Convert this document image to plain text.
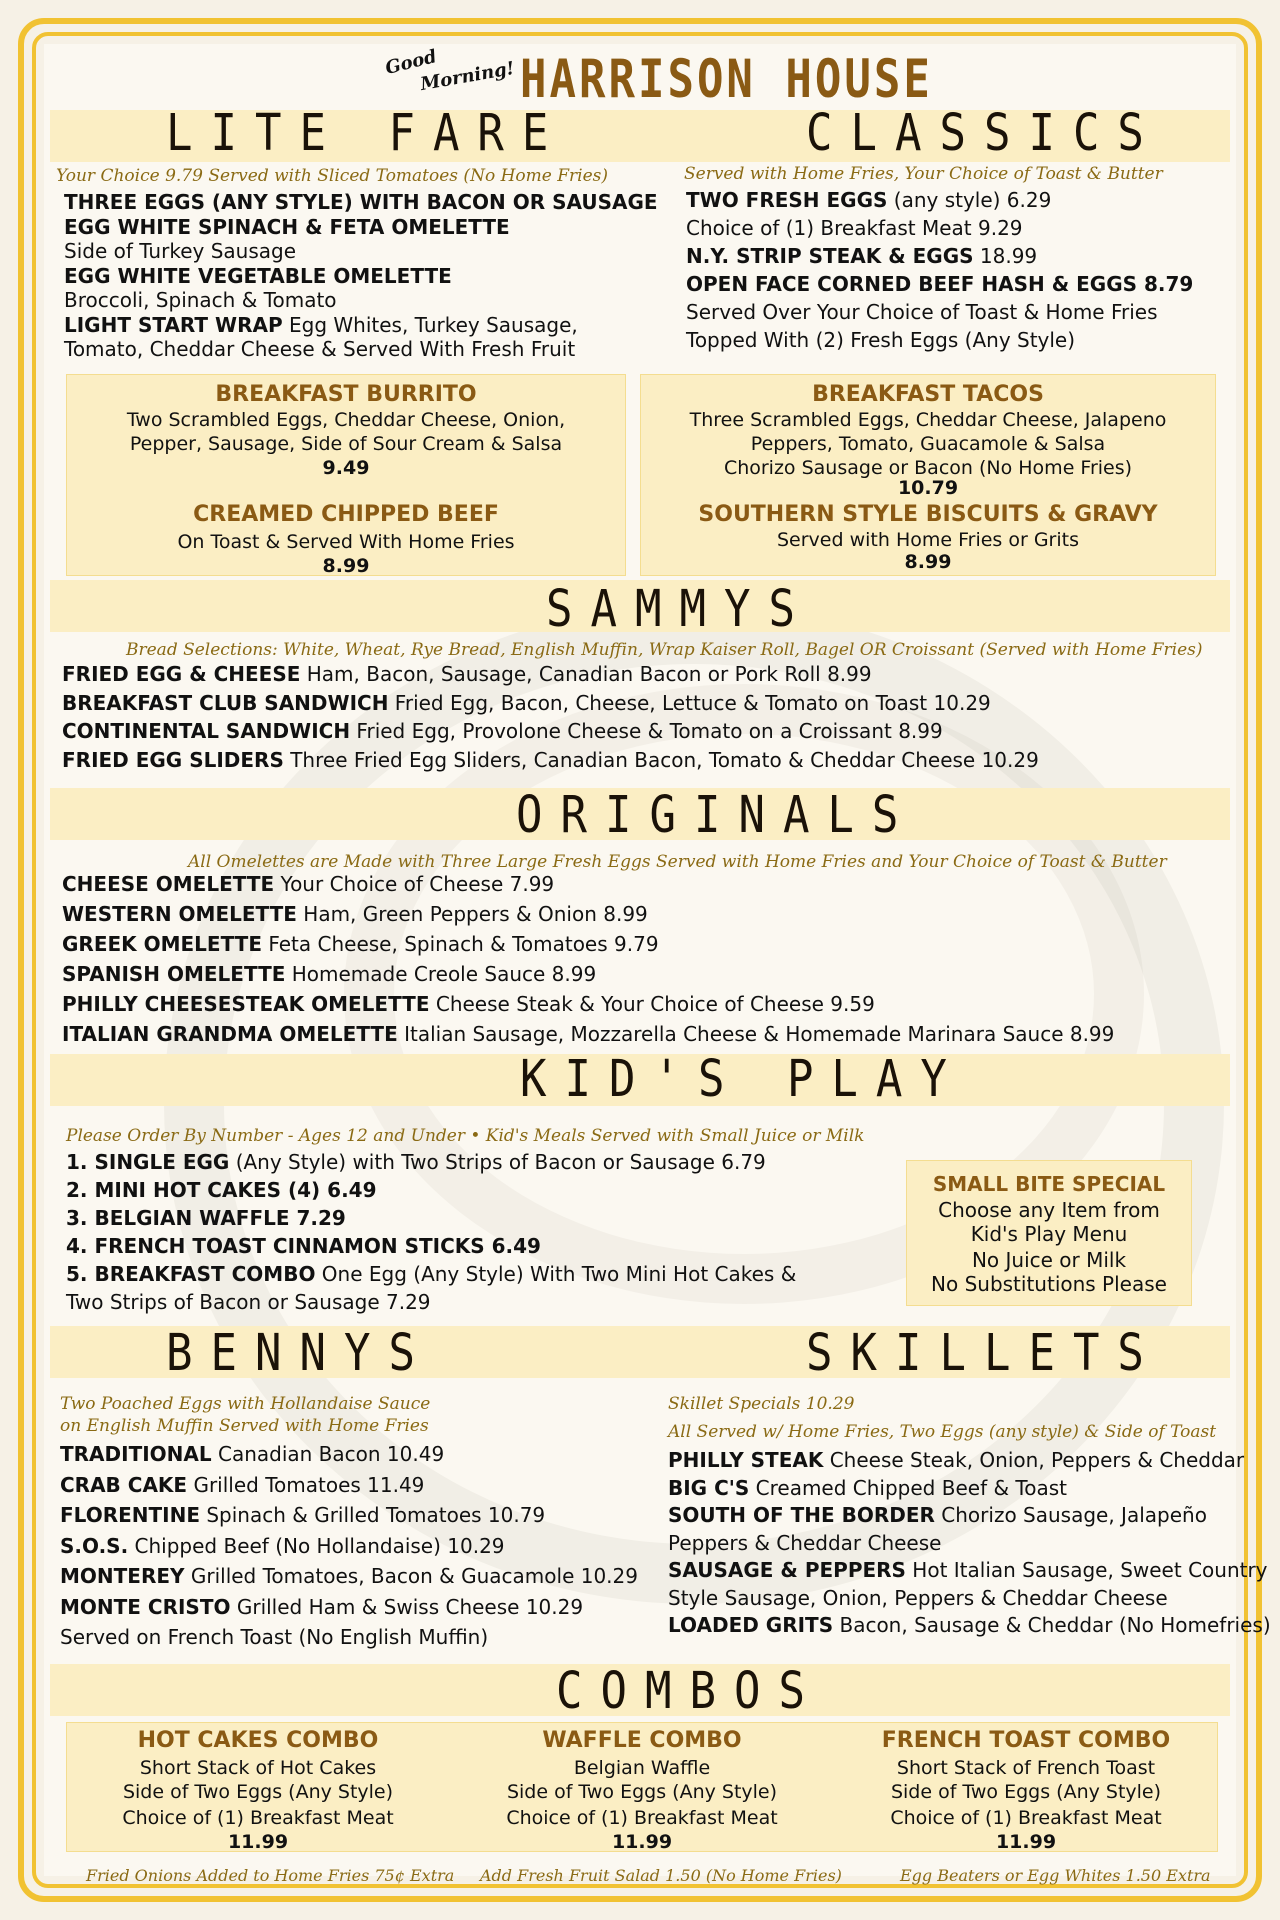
Good
Morning! HARRISON HOUSE
LITE FARE
Your Choice 9.79 Served with Sliced Tomatoes (No Home Fries)
THREE EGGS (ANY STYLE) WITH BACON OR SAUSAGE
EGG WHITE SPINACH & FETA OMELETTE
Side of Turkey Sausage
EGG WHITE VEGETABLE OMELETTE
Broccoli, Spinach & Tomato
LIGHT START WRAP Egg Whites, Turkey Sausage,
Tomato, Cheddar Cheese & Served With Fresh Fruit
CLASSICS
Served with Home Fries, Your Choice of Toast & Butter
TWO FRESH EGGS (any style) 6.29
Choice of (1) Breakfast Meat 9.29
N.Y. STRIP STEAK & EGGS 18.99
OPEN FACE CORNED BEEF HASH & EGGS 8.79
Served Over Your Choice of Toast & Home Fries
Topped With (2) Fresh Eggs (Any Style)
BREAKFAST BURRITO
Two Scrambled Eggs, Cheddar Cheese, Onion,
Pepper, Sausage, Side of Sour Cream & Salsa
9.49
CREAMED CHIPPED BEEF
On Toast & Served With Home Fries
8.99
BREAKFAST TACOS
Three Scrambled Eggs, Cheddar Cheese, Jalapeno
Peppers, Tomato, Guacamole & Salsa
Chorizo Sausage or Bacon (No Home Fries)
10.79
SOUTHERN STYLE BISCUITS & GRAVY
Served with Home Fries or Grits
8.99
SAMMYS
Bread Selections: White, Wheat, Rye Bread, English Muffin, Wrap Kaiser Roll, Bagel OR Croissant (Served with Home Fries)
FRIED EGG & CHEESE Ham, Bacon, Sausage, Canadian Bacon or Pork Roll 8.99
BREAKFAST CLUB SANDWICH Fried Egg, Bacon, Cheese, Lettuce & Tomato on Toast 10.29
CONTINENTAL SANDWICH Fried Egg, Provolone Cheese & Tomato on a Croissant 8.99
FRIED EGG SLIDERS Three Fried Egg Sliders, Canadian Bacon, Tomato & Cheddar Cheese 10.29
ORIGINALS
All Omelettes are Made with Three Large Fresh Eggs Served with Home Fries and Your Choice of Toast & Butter
CHEESE OMELETTE Your Choice of Cheese 7.99
WESTERN OMELETTE Ham, Green Peppers & Onion 8.99
GREEK OMELETTE Feta Cheese, Spinach & Tomatoes 9.79
SPANISH OMELETTE Homemade Creole Sauce 8.99
PHILLY CHEESESTEAK OMELETTE Cheese Steak & Your Choice of Cheese 9.59
ITALIAN GRANDMA OMELETTE Italian Sausage, Mozzarella Cheese & Homemade Marinara Sauce 8.99
KID'S PLAY
Please Order By Number - Ages 12 and Under • Kid's Meals Served with Small Juice or Milk
1. SINGLE EGG (Any Style) with Two Strips of Bacon or Sausage 6.79
2. MINI HOT CAKES (4) 6.49
3. BELGIAN WAFFLE 7.29
4. FRENCH TOAST CINNAMON STICKS 6.49
5. BREAKFAST COMBO One Egg (Any Style) With Two Mini Hot Cakes &
Two Strips of Bacon or Sausage 7.29
SMALL BITE SPECIAL
Choose any Item from
Kid's Play Menu
No Juice or Milk
No Substitutions Please
BENNYS
Two Poached Eggs with Hollandaise Sauce
on English Muffin Served with Home Fries
TRADITIONAL Canadian Bacon 10.49
CRAB CAKE Grilled Tomatoes 11.49
FLORENTINE Spinach & Grilled Tomatoes 10.79
S.O.S. Chipped Beef (No Hollandaise) 10.29
MONTEREY Grilled Tomatoes, Bacon & Guacamole 10.29
MONTE CRISTO Grilled Ham & Swiss Cheese 10.29
Served on French Toast (No English Muffin)
SKILLETS
Skillet Specials 10.29
All Served w/ Home Fries, Two Eggs (any style) & Side of Toast
PHILLY STEAK Cheese Steak, Onion, Peppers & Cheddar
BIG C'S Creamed Chipped Beef & Toast
SOUTH OF THE BORDER Chorizo Sausage, Jalapeño
Peppers & Cheddar Cheese
SAUSAGE & PEPPERS Hot Italian Sausage, Sweet Country
Style Sausage, Onion, Peppers & Cheddar Cheese
LOADED GRITS Bacon, Sausage & Cheddar (No Homefries)
COMBOS
HOT CAKES COMBO
Short Stack of Hot Cakes
Side of Two Eggs (Any Style)
Choice of (1) Breakfast Meat
11.99
WAFFLE COMBO
Belgian Waffle
Side of Two Eggs (Any Style)
Choice of (1) Breakfast Meat
11.99
FRENCH TOAST COMBO
Short Stack of French Toast
Side of Two Eggs (Any Style)
Choice of (1) Breakfast Meat
11.99
Fried Onions Added to Home Fries 75¢ Extra Add Fresh Fruit Salad 1.50 (No Home Fries)	Egg Beaters or Egg Whites 1.50 Extra
